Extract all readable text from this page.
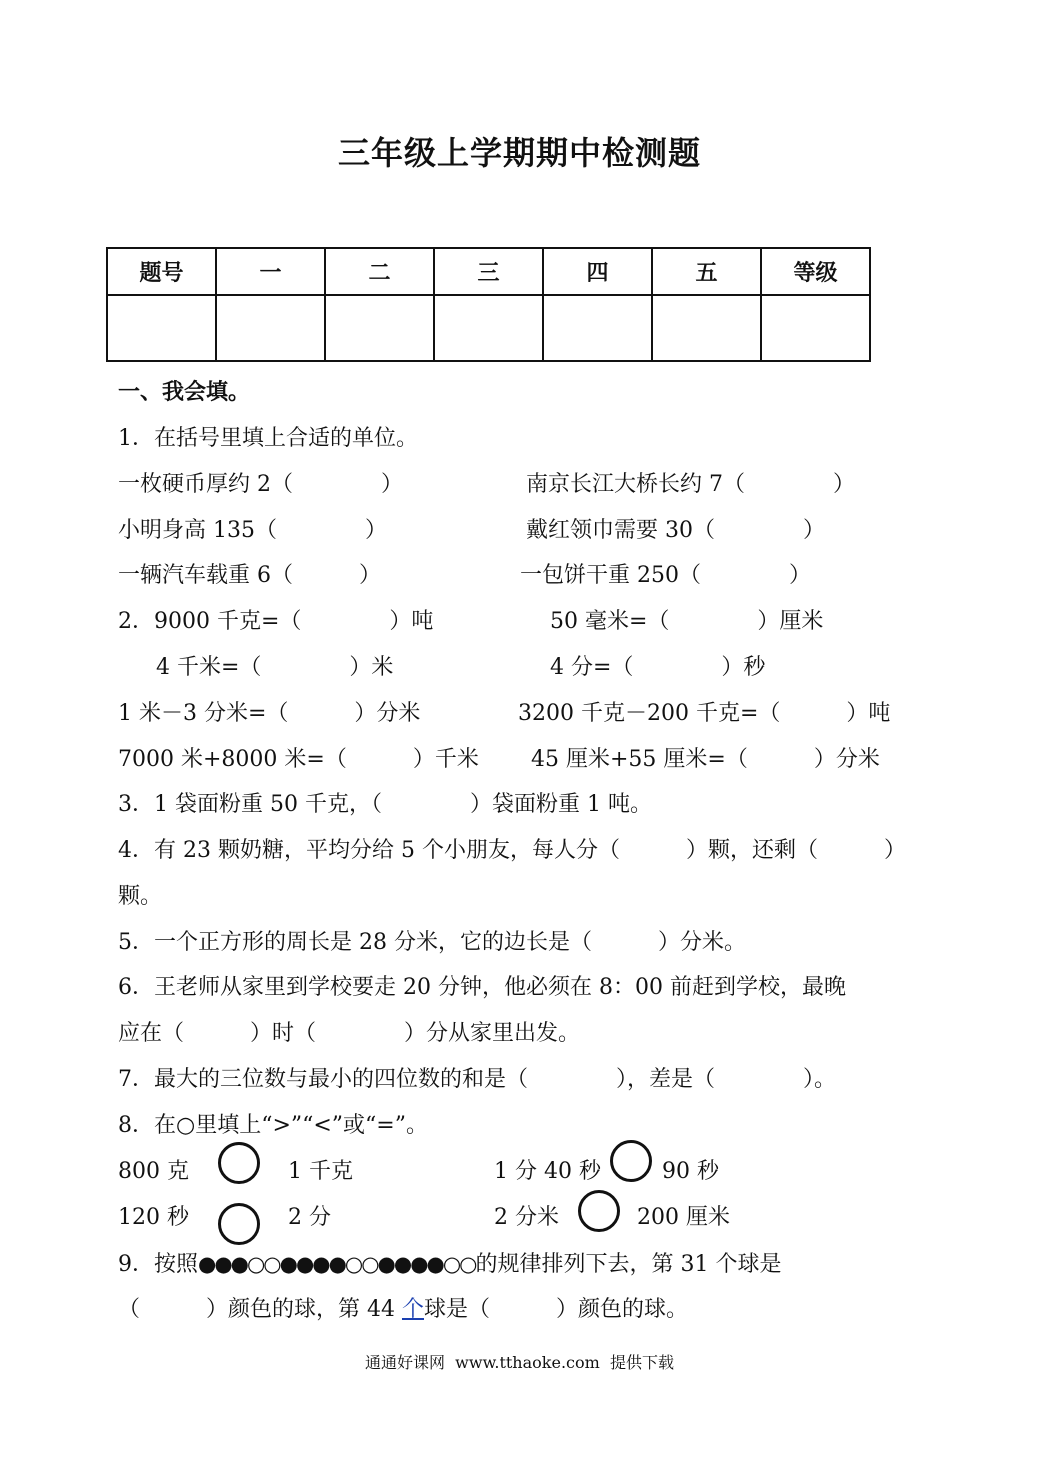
三年级上学期期中检测题
题号	一	二	三	四	五	等级

一、我会填。
1．在括号里填上合适的单位。
一枚硬币厚约 2（　　　　）	南京长江大桥长约 7（　　　　）
小明身高 135（　　　　）	戴红领巾需要 30（　　　　）
一辆汽车载重 6（　　　）	一包饼干重 250（　　　　）
2．9000 千克=（　　　　）吨	50 毫米=（　　　　）厘米
4 千米=（　　　　）米	4 分=（　　　　）秒
1 米－3 分米=（　　　）分米	3200 千克－200 千克=（　　　）吨
7000 米+8000 米=（　　　）千米 45 厘米+55 厘米=（　　　）分米
3．1 袋面粉重 50 千克，（　　　　）袋面粉重 1 吨。
4．有 23 颗奶糖，平均分给 5 个小朋友，每人分（　　　）颗，还剩（　　　）
颗。
5．一个正方形的周长是 28 分米，它的边长是（　　　）分米。
6．王老师从家里到学校要走 20 分钟，他必须在 8：00 前赶到学校，最晚
应在（　　　）时（　　　　）分从家里出发。
7．最大的三位数与最小的四位数的和是（　　　　），差是（　　　　）。
8．在○里填上“>”“<”或“=”。
800 克	1 千克	1 分 40 秒	90 秒
120 秒	2 分	2 分米	200 厘米
9．按照●●●○○●●●●○○●●●●○○的规律排列下去，第 31 个球是
（　　　）颜色的球，第 44 个球是（　　　）颜色的球。
通通好课网  www.tthaoke.com  提供下载
